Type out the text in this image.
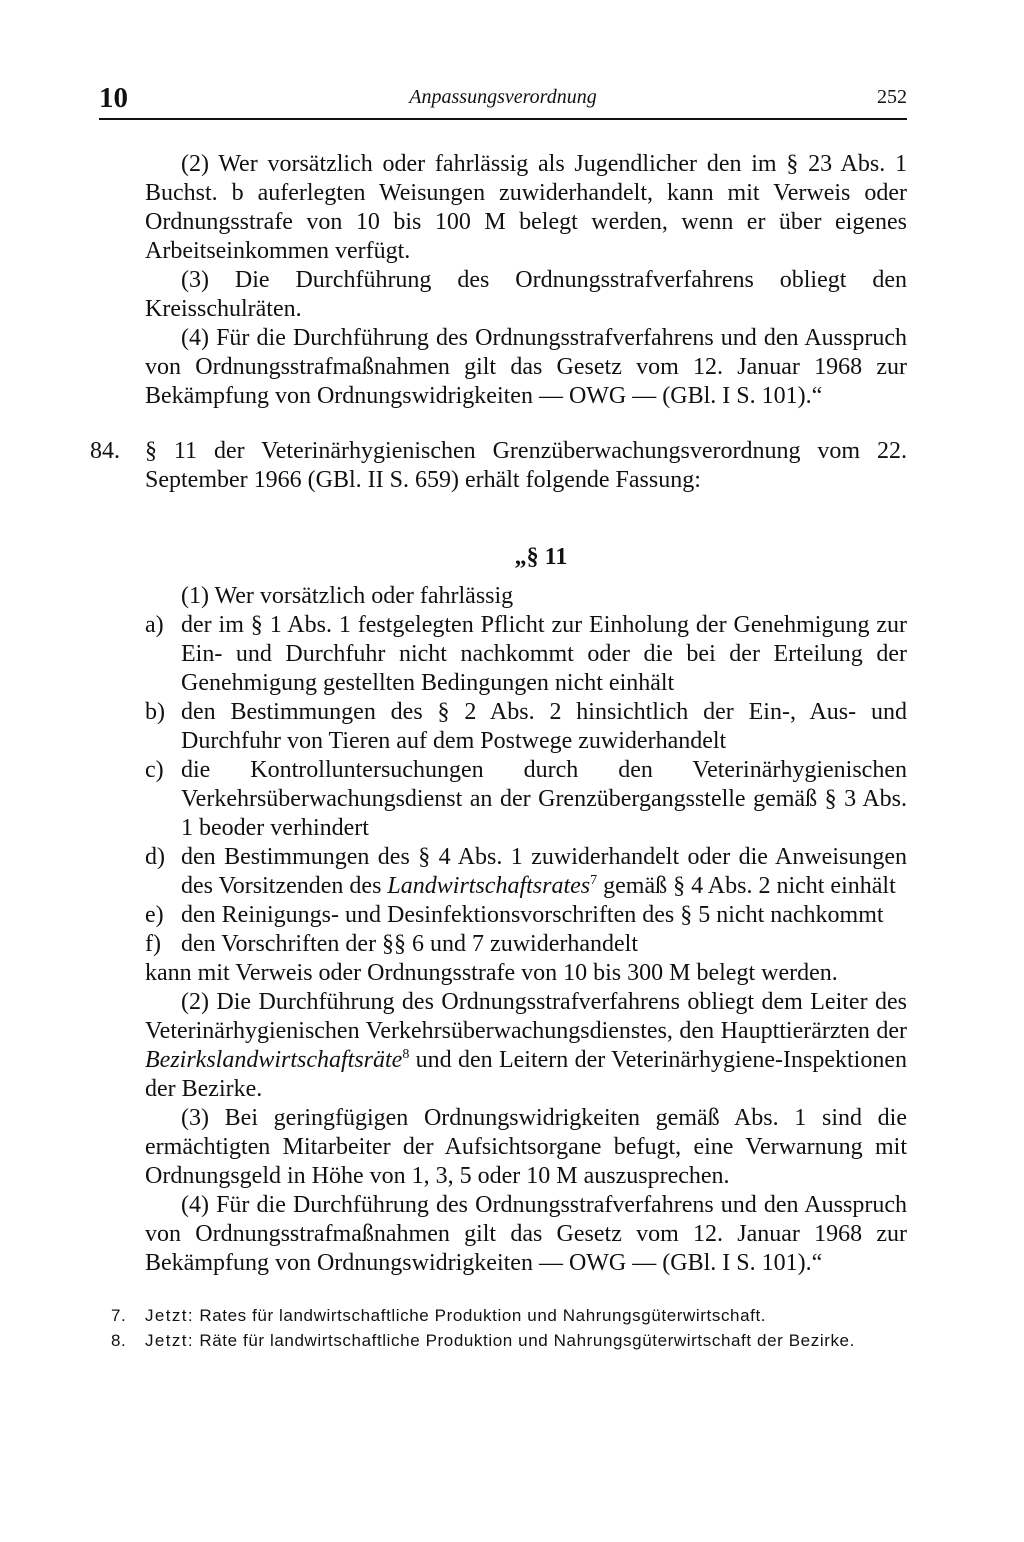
10	Anpassungsverordnung	252

(2) Wer vorsätzlich oder fahrlässig als Jugendlicher den im § 23 Abs. 1 Buchst. b auferlegten Weisungen zuwiderhandelt, kann mit Verweis oder Ordnungsstrafe von 10 bis 100 M belegt werden, wenn er über eigenes Arbeitseinkommen verfügt.

(3) Die Durchführung des Ordnungsstrafverfahrens obliegt den Kreisschulräten.

(4) Für die Durchführung des Ordnungsstrafverfahrens und den Ausspruch von Ordnungsstrafmaßnahmen gilt das Gesetz vom 12. Januar 1968 zur Bekämpfung von Ordnungswidrigkeiten — OWG — (GBl. I S. 101).“

84. § 11 der Veterinärhygienischen Grenzüberwachungsverordnung vom 22. September 1966 (GBl. II S. 659) erhält folgende Fassung:

„§ 11

(1) Wer vorsätzlich oder fahrlässig

a) der im § 1 Abs. 1 festgelegten Pflicht zur Einholung der Genehmigung zur Ein- und Durchfuhr nicht nachkommt oder die bei der Erteilung der Genehmigung gestellten Bedingungen nicht einhält
b) den Bestimmungen des § 2 Abs. 2 hinsichtlich der Ein-, Aus- und Durchfuhr von Tieren auf dem Postwege zuwiderhandelt
c) die Kontrolluntersuchungen durch den Veterinärhygienischen Verkehrsüberwachungsdienst an der Grenzübergangsstelle gemäß § 3 Abs. 1 beoder verhindert
d) den Bestimmungen des § 4 Abs. 1 zuwiderhandelt oder die Anweisungen des Vorsitzenden des Landwirtschaftsrates$^7$ gemäß § 4 Abs. 2 nicht einhält
e) den Reinigungs- und Desinfektionsvorschriften des § 5 nicht nachkommt
f) den Vorschriften der §§ 6 und 7 zuwiderhandelt

kann mit Verweis oder Ordnungsstrafe von 10 bis 300 M belegt werden.

(2) Die Durchführung des Ordnungsstrafverfahrens obliegt dem Leiter des Veterinärhygienischen Verkehrsüberwachungsdienstes, den Haupttierärzten der Bezirkslandwirtschaftsräte$^8$ und den Leitern der Veterinärhygiene-Inspektionen der Bezirke.

(3) Bei geringfügigen Ordnungswidrigkeiten gemäß Abs. 1 sind die ermächtigten Mitarbeiter der Aufsichtsorgane befugt, eine Verwarnung mit Ordnungsgeld in Höhe von 1, 3, 5 oder 10 M auszusprechen.

(4) Für die Durchführung des Ordnungsstrafverfahrens und den Ausspruch von Ordnungsstrafmaßnahmen gilt das Gesetz vom 12. Januar 1968 zur Bekämpfung von Ordnungswidrigkeiten — OWG — (GBl. I S. 101).“

7. Jetzt: Rates für landwirtschaftliche Produktion und Nahrungsgüterwirtschaft.
8. Jetzt: Räte für landwirtschaftliche Produktion und Nahrungsgüterwirtschaft der Bezirke.
